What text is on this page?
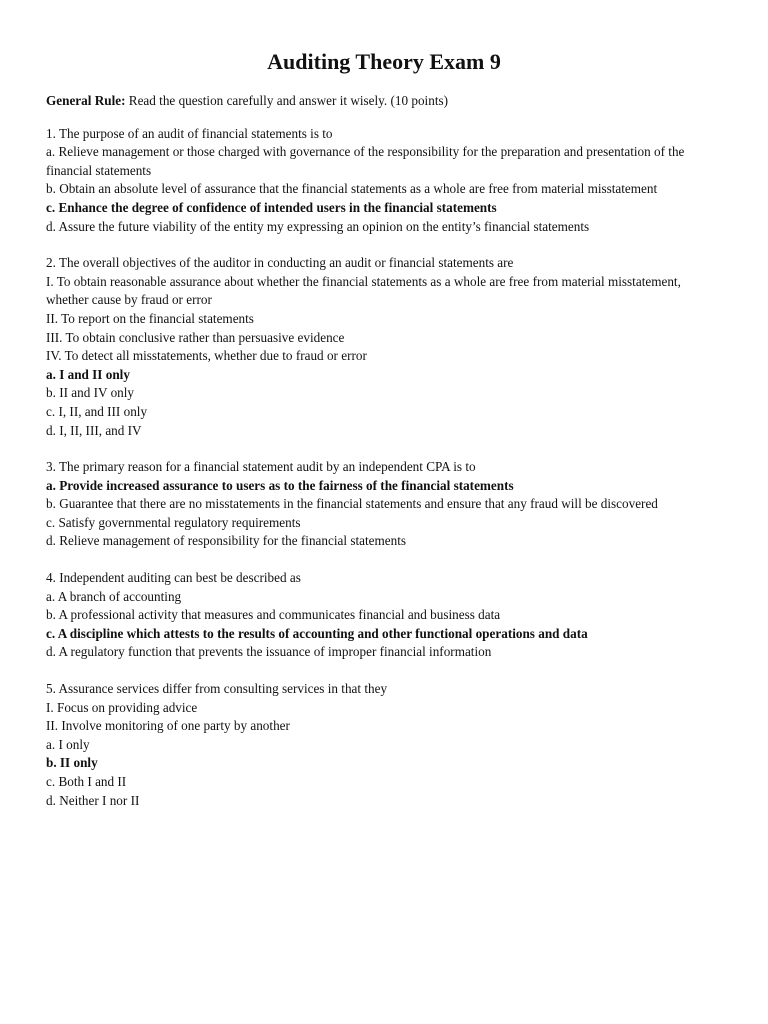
Auditing Theory Exam 9

General Rule: Read the question carefully and answer it wisely. (10 points)

1. The purpose of an audit of financial statements is to

a. Relieve management or those charged with governance of the responsibility for the preparation and presentation of the financial statements

b. Obtain an absolute level of assurance that the financial statements as a whole are free from material misstatement

c. Enhance the degree of confidence of intended users in the financial statements

d. Assure the future viability of the entity my expressing an opinion on the entity’s financial statements

2. The overall objectives of the auditor in conducting an audit or financial statements are

I. To obtain reasonable assurance about whether the financial statements as a whole are free from material misstatement, whether cause by fraud or error

II. To report on the financial statements

III. To obtain conclusive rather than persuasive evidence

IV. To detect all misstatements, whether due to fraud or error

a. I and II only

b. II and IV only

c. I, II, and III only

d. I, II, III, and IV

3. The primary reason for a financial statement audit by an independent CPA is to

a. Provide increased assurance to users as to the fairness of the financial statements

b. Guarantee that there are no misstatements in the financial statements and ensure that any fraud will be discovered

c. Satisfy governmental regulatory requirements

d. Relieve management of responsibility for the financial statements

4. Independent auditing can best be described as

a. A branch of accounting

b. A professional activity that measures and communicates financial and business data

c. A discipline which attests to the results of accounting and other functional operations and data

d. A regulatory function that prevents the issuance of improper financial information

5. Assurance services differ from consulting services in that they

I. Focus on providing advice

II. Involve monitoring of one party by another

a. I only

b. II only

c. Both I and II

d. Neither I nor II
